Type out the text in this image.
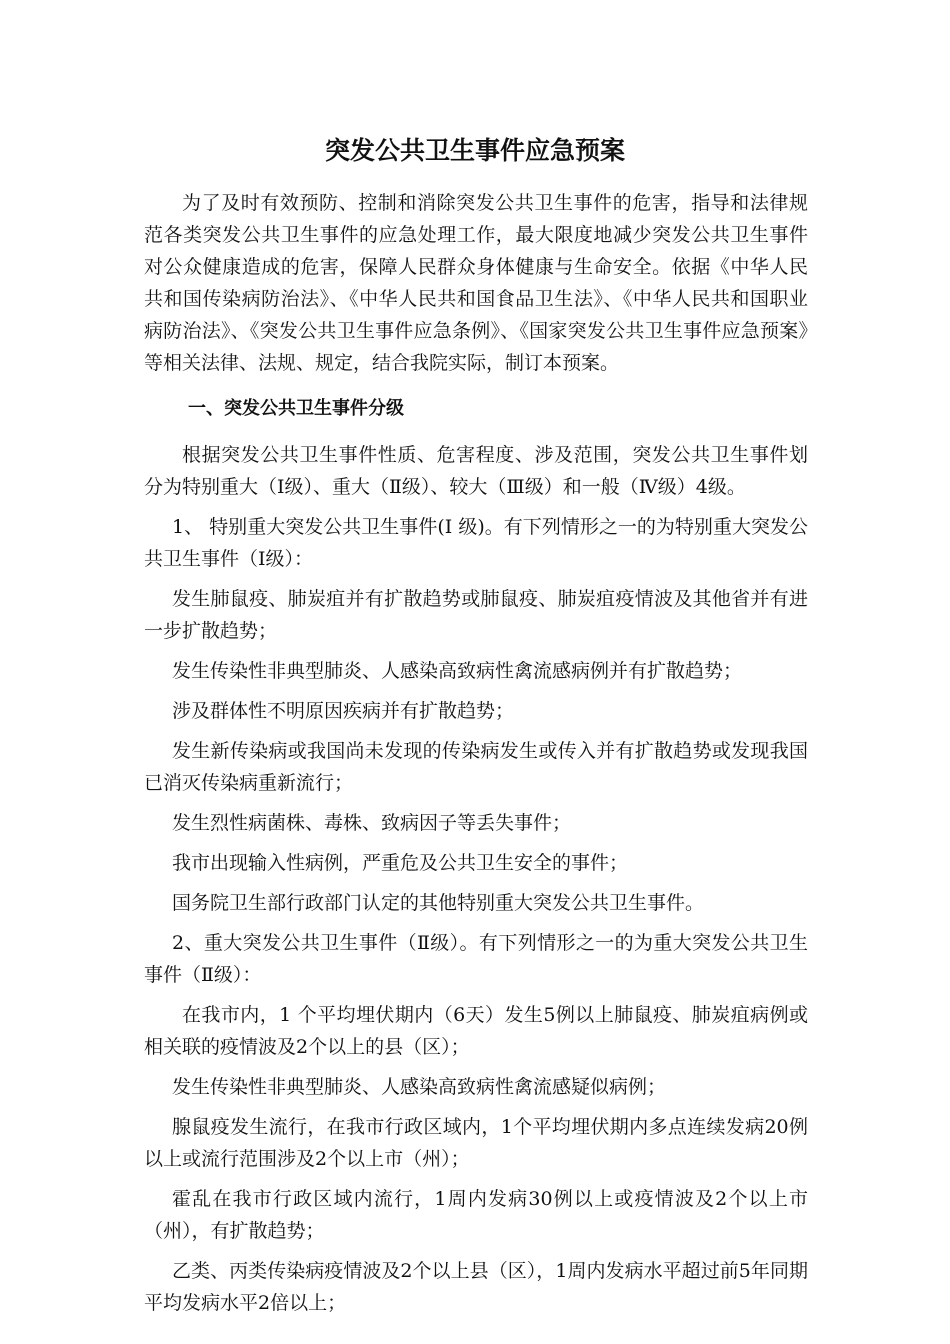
突发公共卫生事件应急预案

为了及时有效预防、控制和消除突发公共卫生事件的危害，指导和法律规范各类突发公共卫生事件的应急处理工作，最大限度地减少突发公共卫生事件对公众健康造成的危害，保障人民群众身体健康与生命安全。依据《中华人民共和国传染病防治法》、《中华人民共和国食品卫生法》、《中华人民共和国职业病防治法》、《突发公共卫生事件应急条例》、《国家突发公共卫生事件应急预案》等相关法律、法规、规定，结合我院实际，制订本预案。

一、突发公共卫生事件分级

根据突发公共卫生事件性质、危害程度、涉及范围，突发公共卫生事件划分为特别重大（Ⅰ级）、重大（Ⅱ级）、较大（Ⅲ级）和一般（Ⅳ级）4级。

1、 特别重大突发公共卫生事件(Ⅰ 级)。有下列情形之一的为特别重大突发公共卫生事件（Ⅰ级）：

发生肺鼠疫、肺炭疽并有扩散趋势或肺鼠疫、肺炭疽疫情波及其他省并有进一步扩散趋势；

发生传染性非典型肺炎、人感染高致病性禽流感病例并有扩散趋势；

涉及群体性不明原因疾病并有扩散趋势；

发生新传染病或我国尚未发现的传染病发生或传入并有扩散趋势或发现我国已消灭传染病重新流行；

发生烈性病菌株、毒株、致病因子等丢失事件；

我市出现输入性病例，严重危及公共卫生安全的事件；

国务院卫生部行政部门认定的其他特别重大突发公共卫生事件。

2、重大突发公共卫生事件（Ⅱ级）。有下列情形之一的为重大突发公共卫生事件（Ⅱ级）：

在我市内，1 个平均埋伏期内（6天）发生5例以上肺鼠疫、肺炭疽病例或相关联的疫情波及2个以上的县（区）；

发生传染性非典型肺炎、人感染高致病性禽流感疑似病例；

腺鼠疫发生流行，在我市行政区域内，1个平均埋伏期内多点连续发病20例以上或流行范围涉及2个以上市（州）；

霍乱在我市行政区域内流行，1周内发病30例以上或疫情波及2个以上市（州），有扩散趋势；

乙类、丙类传染病疫情波及2个以上县（区），1周内发病水平超过前5年同期平均发病水平2倍以上；
